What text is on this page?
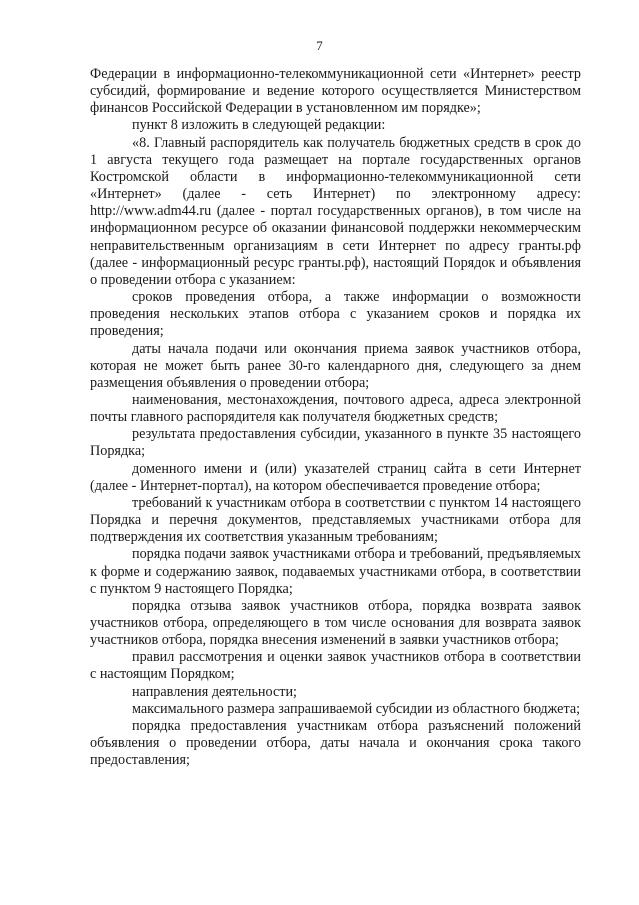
7

Федерации в информационно-телекоммуникационной сети «Интернет» реестр субсидий, формирование и ведение которого осуществляется Министерством финансов Российской Федерации в установленном им порядке»;

пункт 8 изложить в следующей редакции:

«8. Главный распорядитель как получатель бюджетных средств в срок до 1 августа текущего года размещает на портале государственных органов Костромской области в информационно-телекоммуникационной сети «Интернет» (далее - сеть Интернет) по электронному адресу: http://www.adm44.ru (далее - портал государственных органов), в том числе на информационном ресурсе об оказании финансовой поддержки некоммерческим неправительственным организациям в сети Интернет по адресу гранты.рф (далее - информационный ресурс гранты.рф), настоящий Порядок и объявления о проведении отбора с указанием:

сроков проведения отбора, а также информации о возможности проведения нескольких этапов отбора с указанием сроков и порядка их проведения;

даты начала подачи или окончания приема заявок участников отбора, которая не может быть ранее 30-го календарного дня, следующего за днем размещения объявления о проведении отбора;

наименования, местонахождения, почтового адреса, адреса электронной почты главного распорядителя как получателя бюджетных средств;

результата предоставления субсидии, указанного в пункте 35 настоящего Порядка;

доменного имени и (или) указателей страниц сайта в сети Интернет (далее - Интернет-портал), на котором обеспечивается проведение отбора;

требований к участникам отбора в соответствии с пунктом 14 настоящего Порядка и перечня документов, представляемых участниками отбора для подтверждения их соответствия указанным требованиям;

порядка подачи заявок участниками отбора и требований, предъявляемых к форме и содержанию заявок, подаваемых участниками отбора, в соответствии с пунктом 9 настоящего Порядка;

порядка отзыва заявок участников отбора, порядка возврата заявок участников отбора, определяющего в том числе основания для возврата заявок участников отбора, порядка внесения изменений в заявки участников отбора;

правил рассмотрения и оценки заявок участников отбора в соответствии с настоящим Порядком;

направления деятельности;

максимального размера запрашиваемой субсидии из областного бюджета;

порядка предоставления участникам отбора разъяснений положений объявления о проведении отбора, даты начала и окончания срока такого предоставления;
